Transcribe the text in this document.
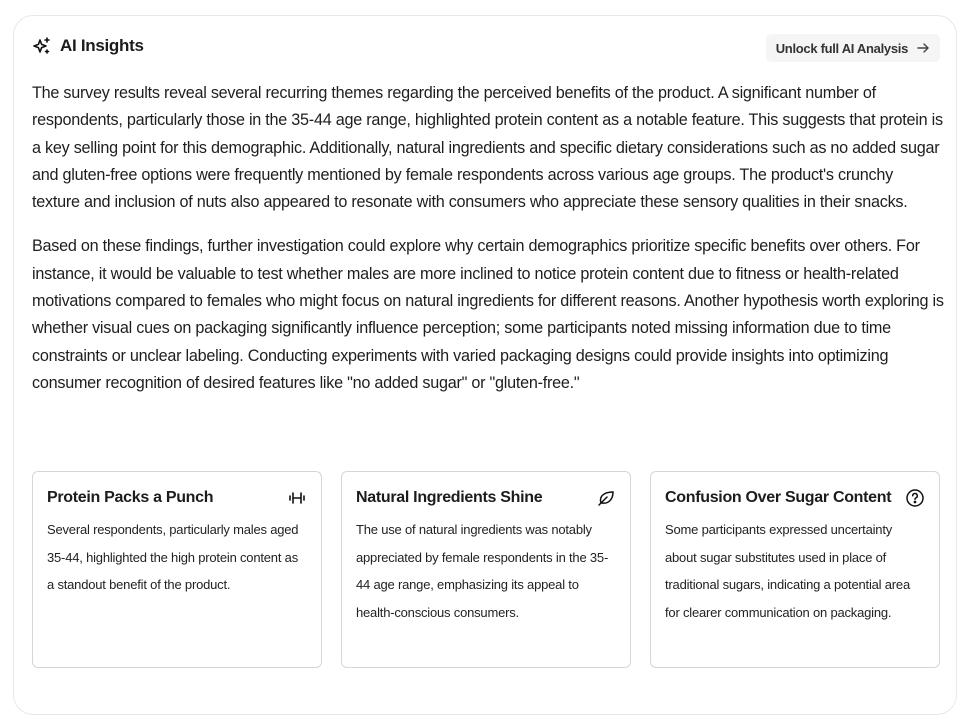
AI Insights	Unlock full AI Analysis

The survey results reveal several recurring themes regarding the perceived benefits of the product. A significant number of respondents, particularly those in the 35-44 age range, highlighted protein content as a notable feature. This suggests that protein is a key selling point for this demographic. Additionally, natural ingredients and specific dietary considerations such as no added sugar and gluten-free options were frequently mentioned by female respondents across various age groups. The product's crunchy texture and inclusion of nuts also appeared to resonate with consumers who appreciate these sensory qualities in their snacks.

Based on these findings, further investigation could explore why certain demographics prioritize specific benefits over others. For instance, it would be valuable to test whether males are more inclined to notice protein content due to fitness or health-related motivations compared to females who might focus on natural ingredients for different reasons. Another hypothesis worth exploring is whether visual cues on packaging significantly influence perception; some participants noted missing information due to time constraints or unclear labeling. Conducting experiments with varied packaging designs could provide insights into optimizing consumer recognition of desired features like "no added sugar" or "gluten-free."

Protein Packs a Punch
Several respondents, particularly males aged 35-44, highlighted the high protein content as a standout benefit of the product.
Natural Ingredients Shine
The use of natural ingredients was notably appreciated by female respondents in the 35-44 age range, emphasizing its appeal to health-conscious consumers.
Confusion Over Sugar Content
Some participants expressed uncertainty about sugar substitutes used in place of traditional sugars, indicating a potential area for clearer communication on packaging.
